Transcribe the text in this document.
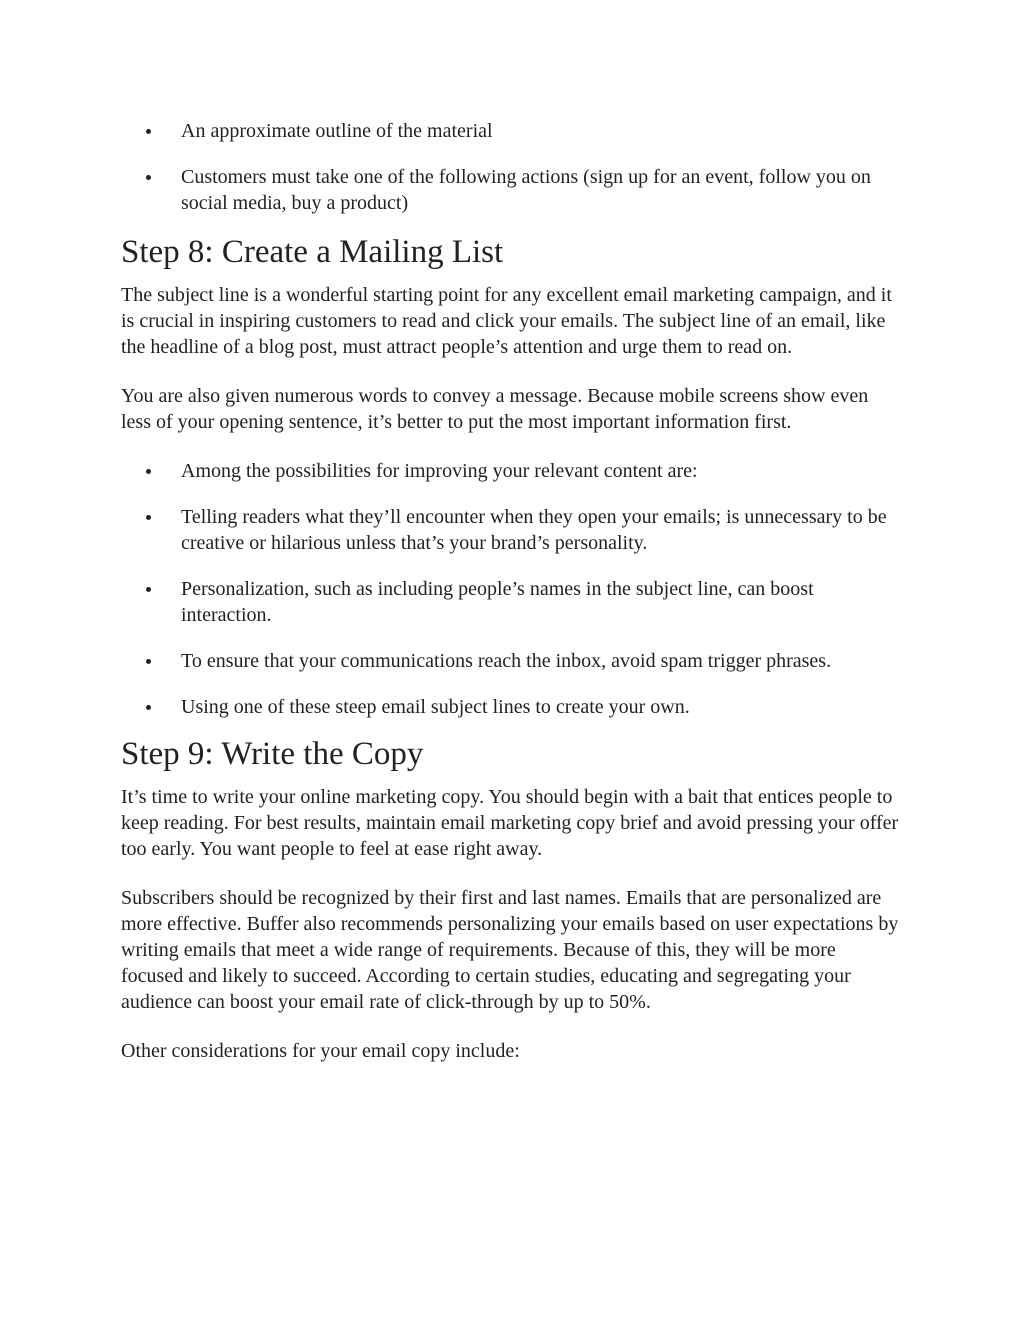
An approximate outline of the material
Customers must take one of the following actions (sign up for an event, follow you on social media, buy a product)
Step 8: Create a Mailing List

The subject line is a wonderful starting point for any excellent email marketing campaign, and it is crucial in inspiring customers to read and click your emails. The subject line of an email, like the headline of a blog post, must attract people’s attention and urge them to read on.

You are also given numerous words to convey a message. Because mobile screens show even less of your opening sentence, it’s better to put the most important information first.

Among the possibilities for improving your relevant content are:
Telling readers what they’ll encounter when they open your emails; is unnecessary to be creative or hilarious unless that’s your brand’s personality.
Personalization, such as including people’s names in the subject line, can boost interaction.
To ensure that your communications reach the inbox, avoid spam trigger phrases.
Using one of these steep email subject lines to create your own.
Step 9: Write the Copy

It’s time to write your online marketing copy. You should begin with a bait that entices people to keep reading. For best results, maintain email marketing copy brief and avoid pressing your offer too early. You want people to feel at ease right away.

Subscribers should be recognized by their first and last names. Emails that are personalized are more effective. Buffer also recommends personalizing your emails based on user expectations by writing emails that meet a wide range of requirements. Because of this, they will be more focused and likely to succeed. According to certain studies, educating and segregating your audience can boost your email rate of click-through by up to 50%.

Other considerations for your email copy include:
